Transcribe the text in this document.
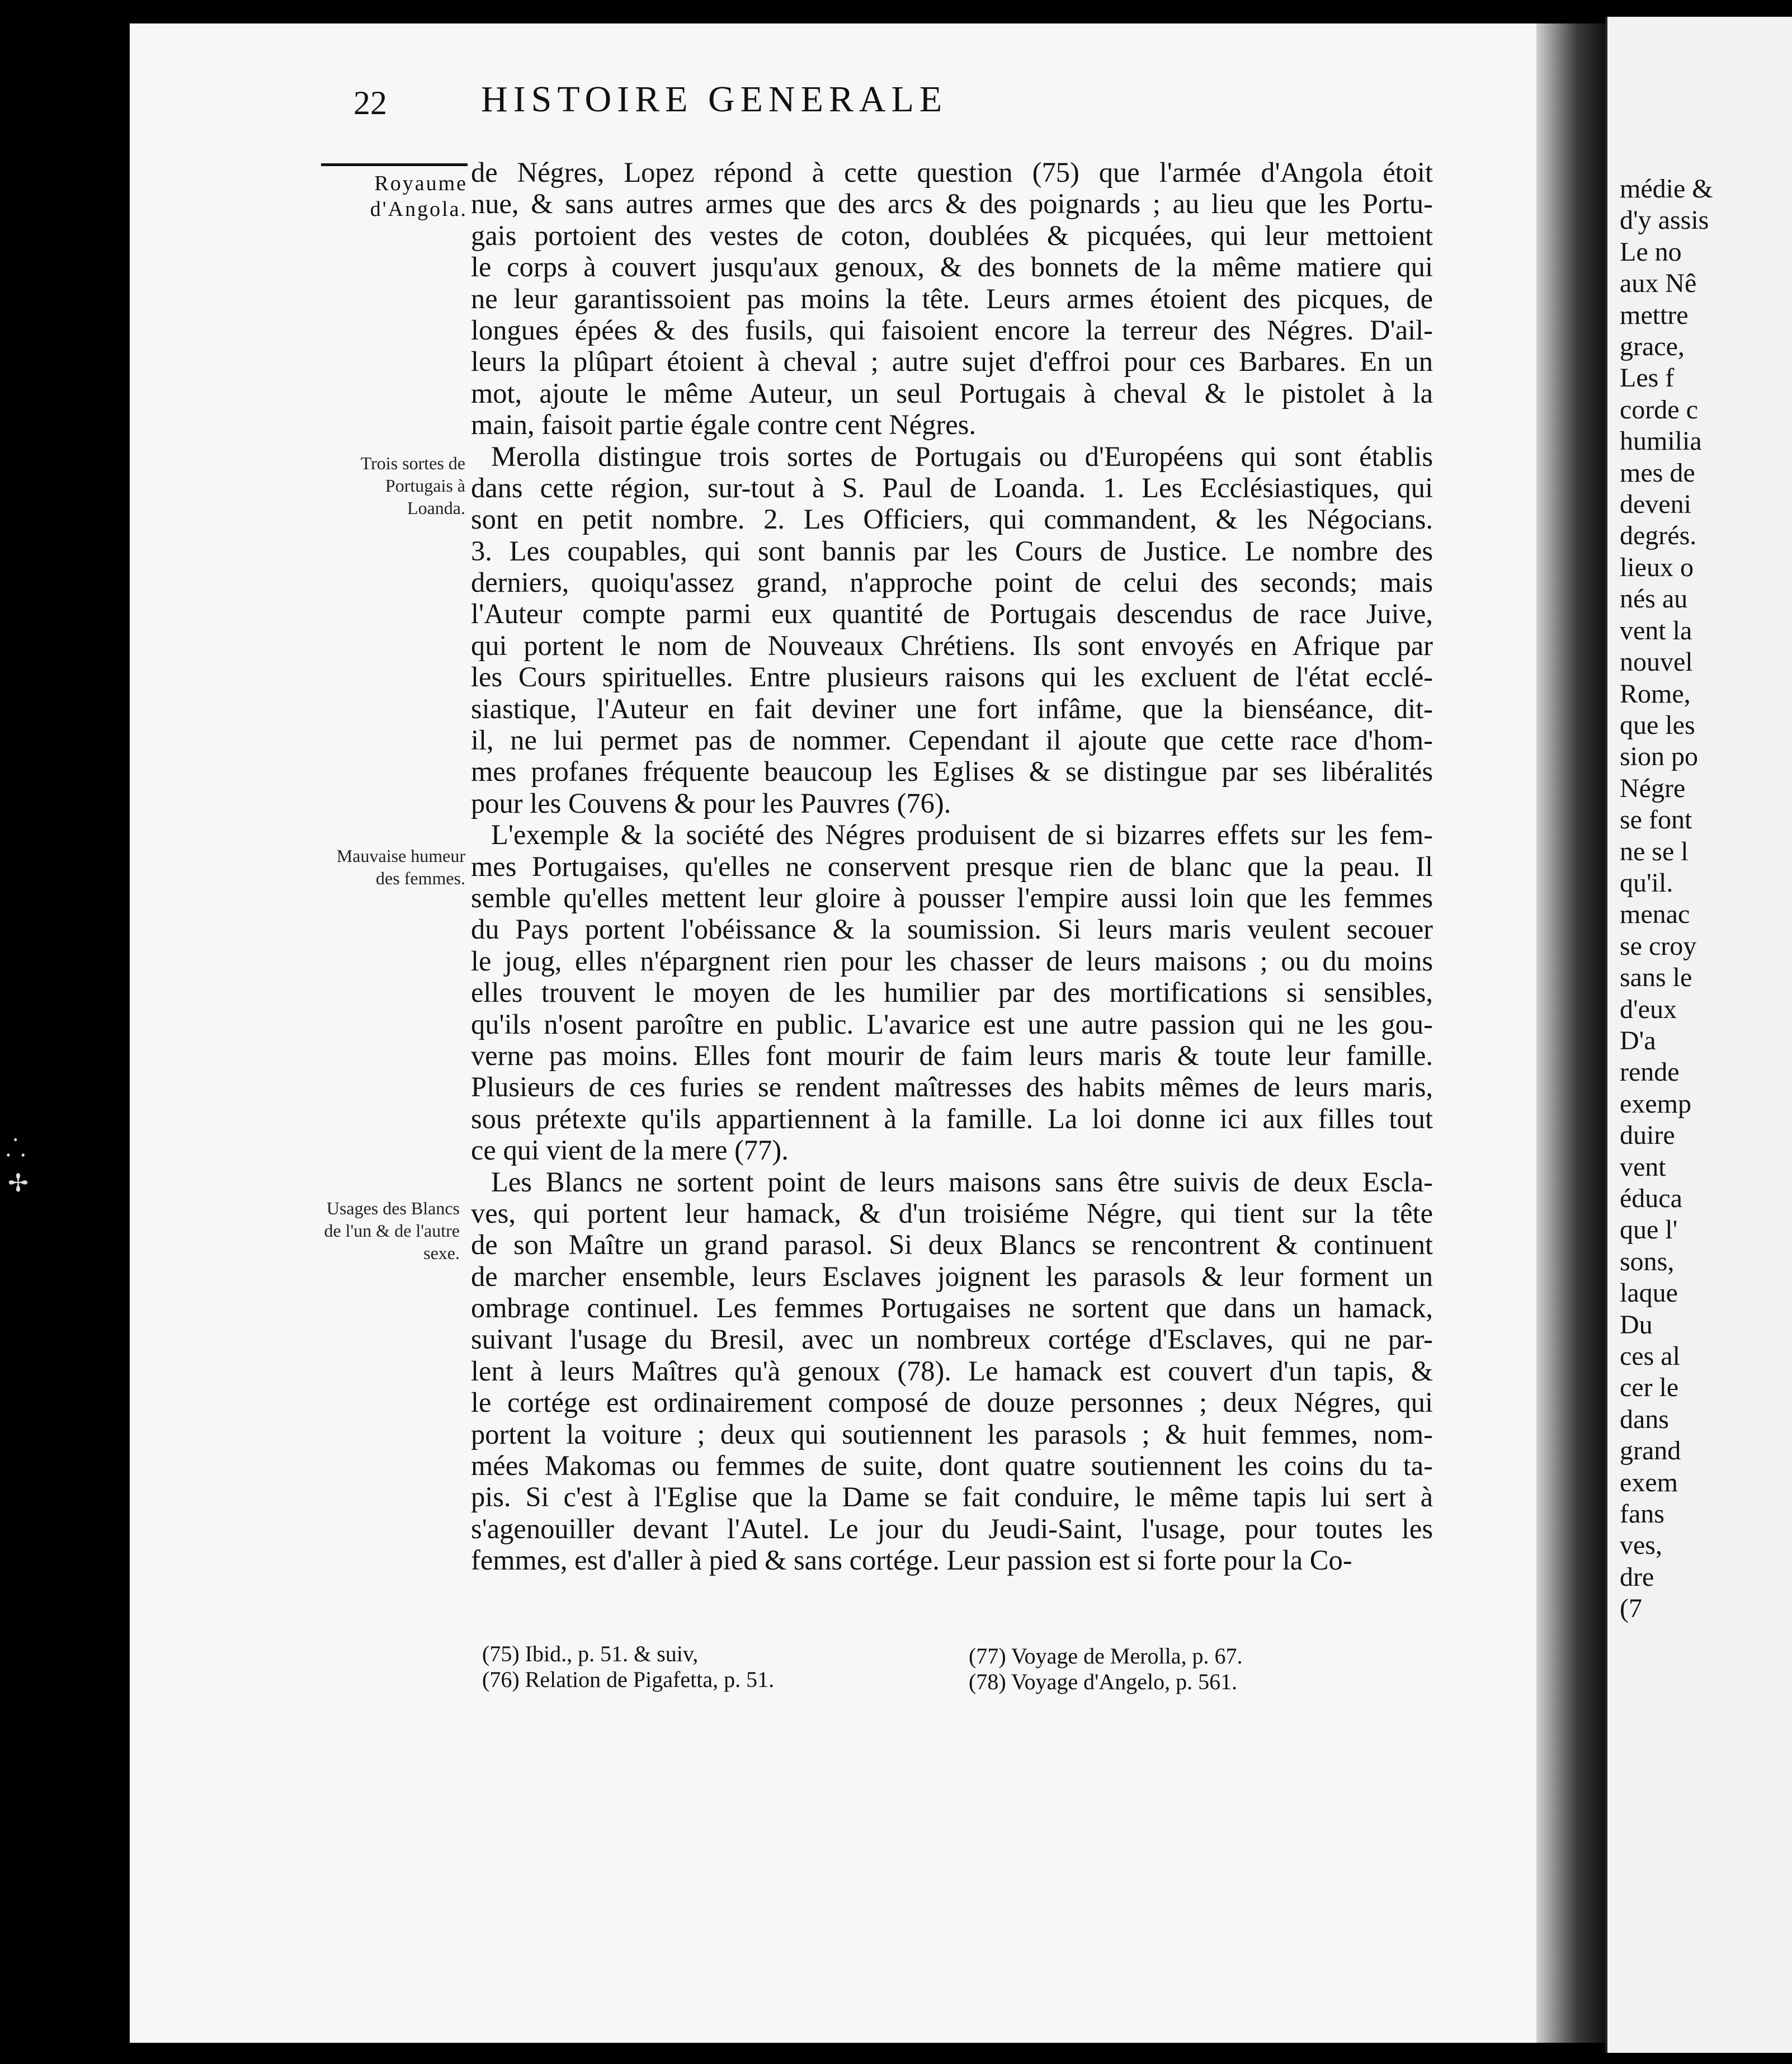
médie &
d'y assis
Le no
aux Nê
mettre
grace,
Les f
corde c
humilia
mes de
deveni
degrés.
lieux o
nés au
vent la
nouvel
Rome,
que les
sion po
Négre
se font
ne se l
qu'il.
menac
se croy
sans le
d'eux
D'a
rende
exemp
duire
vent
éduca
que l'
sons,
laque
Du
ces al
cer le
dans
grand
exem
fans
ves,
dre
(7
⸫
✢
22	HISTOIRE GENERALE
Royaume
d'Angola.
Trois sortes de Portugais à Loanda.
Mauvaise humeur des femmes.
Usages des Blancs de l'un & de l'autre sexe.
de Négres, Lopez répond à cette question (75) que l'armée d'Angola étoit
nue, & sans autres armes que des arcs & des poignards ; au lieu que les Portu-
gais portoient des vestes de coton, doublées & picquées, qui leur mettoient
le corps à couvert jusqu'aux genoux, & des bonnets de la même matiere qui
ne leur garantissoient pas moins la tête. Leurs armes étoient des picques, de
longues épées & des fusils, qui faisoient encore la terreur des Négres. D'ail-
leurs la plûpart étoient à cheval ; autre sujet d'effroi pour ces Barbares. En un
mot, ajoute le même Auteur, un seul Portugais à cheval & le pistolet à la
main, faisoit partie égale contre cent Négres.
Merolla distingue trois sortes de Portugais ou d'Européens qui sont établis
dans cette région, sur-tout à S. Paul de Loanda. 1. Les Ecclésiastiques, qui
sont en petit nombre. 2. Les Officiers, qui commandent, & les Négocians.
3. Les coupables, qui sont bannis par les Cours de Justice. Le nombre des
derniers, quoiqu'assez grand, n'approche point de celui des seconds; mais
l'Auteur compte parmi eux quantité de Portugais descendus de race Juive,
qui portent le nom de Nouveaux Chrétiens. Ils sont envoyés en Afrique par
les Cours spirituelles. Entre plusieurs raisons qui les excluent de l'état ecclé-
siastique, l'Auteur en fait deviner une fort infâme, que la bienséance, dit-
il, ne lui permet pas de nommer. Cependant il ajoute que cette race d'hom-
mes profanes fréquente beaucoup les Eglises & se distingue par ses libéralités
pour les Couvens & pour les Pauvres (76).
L'exemple & la société des Négres produisent de si bizarres effets sur les fem-
mes Portugaises, qu'elles ne conservent presque rien de blanc que la peau. Il
semble qu'elles mettent leur gloire à pousser l'empire aussi loin que les femmes
du Pays portent l'obéissance & la soumission. Si leurs maris veulent secouer
le joug, elles n'épargnent rien pour les chasser de leurs maisons ; ou du moins
elles trouvent le moyen de les humilier par des mortifications si sensibles,
qu'ils n'osent paroître en public. L'avarice est une autre passion qui ne les gou-
verne pas moins. Elles font mourir de faim leurs maris & toute leur famille.
Plusieurs de ces furies se rendent maîtresses des habits mêmes de leurs maris,
sous prétexte qu'ils appartiennent à la famille. La loi donne ici aux filles tout
ce qui vient de la mere (77).
Les Blancs ne sortent point de leurs maisons sans être suivis de deux Escla-
ves, qui portent leur hamack, & d'un troisiéme Négre, qui tient sur la tête
de son Maître un grand parasol. Si deux Blancs se rencontrent & continuent
de marcher ensemble, leurs Esclaves joignent les parasols & leur forment un
ombrage continuel. Les femmes Portugaises ne sortent que dans un hamack,
suivant l'usage du Bresil, avec un nombreux cortége d'Esclaves, qui ne par-
lent à leurs Maîtres qu'à genoux (78). Le hamack est couvert d'un tapis, &
le cortége est ordinairement composé de douze personnes ; deux Négres, qui
portent la voiture ; deux qui soutiennent les parasols ; & huit femmes, nom-
mées Makomas ou femmes de suite, dont quatre soutiennent les coins du ta-
pis. Si c'est à l'Eglise que la Dame se fait conduire, le même tapis lui sert à
s'agenouiller devant l'Autel. Le jour du Jeudi-Saint, l'usage, pour toutes les
femmes, est d'aller à pied & sans cortége. Leur passion est si forte pour la Co-
(75) Ibid., p. 51. & suiv,
(76) Relation de Pigafetta, p. 51.
(77) Voyage de Merolla, p. 67.
(78) Voyage d'Angelo, p. 561.
